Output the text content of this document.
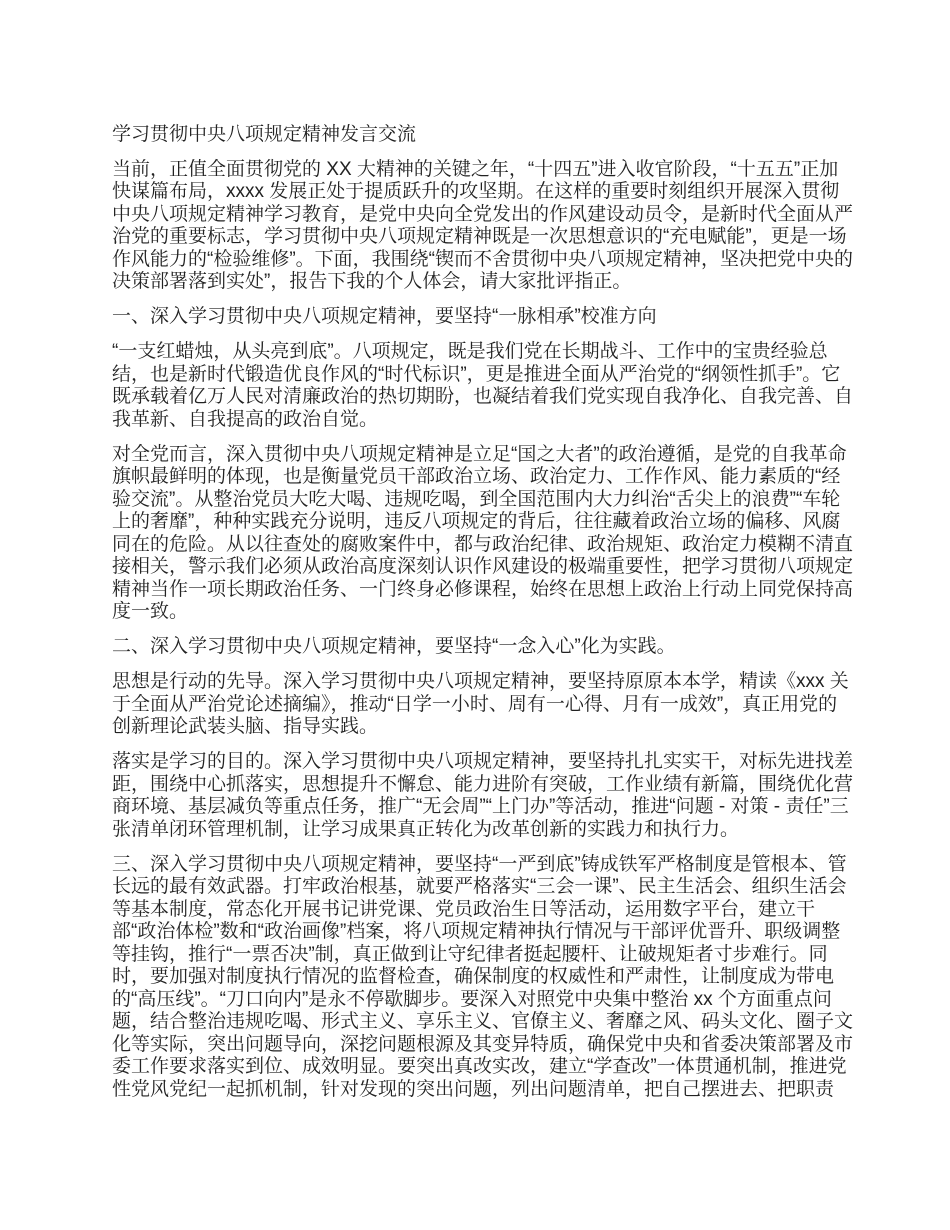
学习贯彻中央八项规定精神发言交流

当前，正值全面贯彻党的 XX 大精神的关键之年，“十四五”进入收官阶段，“十五五”正加快谋篇布局，xxxx 发展正处于提质跃升的攻坚期。在这样的重要时刻组织开展深入贯彻中央八项规定精神学习教育，是党中央向全党发出的作风建设动员令，是新时代全面从严治党的重要标志，学习贯彻中央八项规定精神既是一次思想意识的“充电赋能”，更是一场作风能力的“检验维修”。下面，我围绕“锲而不舍贯彻中央八项规定精神，坚决把党中央的决策部署落到实处”，报告下我的个人体会，请大家批评指正。

一、深入学习贯彻中央八项规定精神，要坚持“一脉相承”校准方向

“一支红蜡烛，从头亮到底”。八项规定，既是我们党在长期战斗、工作中的宝贵经验总结，也是新时代锻造优良作风的“时代标识”，更是推进全面从严治党的“纲领性抓手”。它既承载着亿万人民对清廉政治的热切期盼，也凝结着我们党实现自我净化、自我完善、自我革新、自我提高的政治自觉。

对全党而言，深入贯彻中央八项规定精神是立足“国之大者”的政治遵循，是党的自我革命旗帜最鲜明的体现，也是衡量党员干部政治立场、政治定力、工作作风、能力素质的“经验交流”。从整治党员大吃大喝、违规吃喝，到全国范围内大力纠治“舌尖上的浪费”“车轮上的奢靡”，种种实践充分说明，违反八项规定的背后，往往藏着政治立场的偏移、风腐同在的危险。从以往查处的腐败案件中，都与政治纪律、政治规矩、政治定力模糊不清直接相关，警示我们必须从政治高度深刻认识作风建设的极端重要性，把学习贯彻八项规定精神当作一项长期政治任务、一门终身必修课程，始终在思想上政治上行动上同党保持高度一致。

二、深入学习贯彻中央八项规定精神，要坚持“一念入心”化为实践。

思想是行动的先导。深入学习贯彻中央八项规定精神，要坚持原原本本学，精读《xxx 关于全面从严治党论述摘编》，推动“日学一小时、周有一心得、月有一成效”，真正用党的创新理论武装头脑、指导实践。

落实是学习的目的。深入学习贯彻中央八项规定精神，要坚持扎扎实实干，对标先进找差距，围绕中心抓落实，思想提升不懈怠、能力进阶有突破，工作业绩有新篇，围绕优化营商环境、基层减负等重点任务，推广“无会周”“上门办”等活动，推进“问题 - 对策 - 责任”三张清单闭环管理机制，让学习成果真正转化为改革创新的实践力和执行力。

三、深入学习贯彻中央八项规定精神，要坚持“一严到底”铸成铁军严格制度是管根本、管长远的最有效武器。打牢政治根基，就要严格落实“三会一课”、民主生活会、组织生活会等基本制度，常态化开展书记讲党课、党员政治生日等活动，运用数字平台，建立干部“政治体检”数和“政治画像”档案，将八项规定精神执行情况与干部评优晋升、职级调整等挂钩，推行“一票否决”制，真正做到让守纪律者挺起腰杆、让破规矩者寸步难行。同时，要加强对制度执行情况的监督检查，确保制度的权威性和严肃性，让制度成为带电的“高压线”。“刀口向内”是永不停歇脚步。要深入对照党中央集中整治 xx 个方面重点问题，结合整治违规吃喝、形式主义、享乐主义、官僚主义、奢靡之风、码头文化、圈子文化等实际，突出问题导向，深挖问题根源及其变异特质，确保党中央和省委决策部署及市委工作要求落实到位、成效明显。要突出真改实改，建立“学查改”一体贯通机制，推进党性党风党纪一起抓机制，针对发现的突出问题，列出问题清单，把自己摆进去、把职责
